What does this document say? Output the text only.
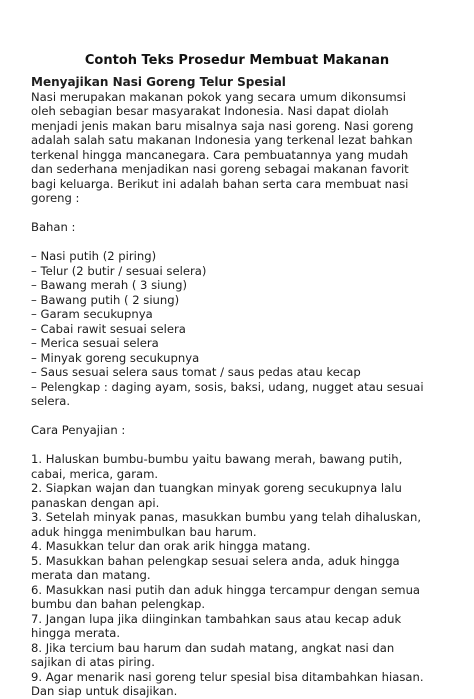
Contoh Teks Prosedur Membuat Makanan

Menyajikan Nasi Goreng Telur Spesial

Nasi merupakan makanan pokok yang secara umum dikonsumsi

oleh sebagian besar masyarakat Indonesia. Nasi dapat diolah

menjadi jenis makan baru misalnya saja nasi goreng. Nasi goreng

adalah salah satu makanan Indonesia yang terkenal lezat bahkan

terkenal hingga mancanegara. Cara pembuatannya yang mudah

dan sederhana menjadikan nasi goreng sebagai makanan favorit

bagi keluarga. Berikut ini adalah bahan serta cara membuat nasi

goreng :

Bahan :

– Nasi putih (2 piring)

– Telur (2 butir / sesuai selera)

– Bawang merah ( 3 siung)

– Bawang putih ( 2 siung)

– Garam secukupnya

– Cabai rawit sesuai selera

– Merica sesuai selera

– Minyak goreng secukupnya

– Saus sesuai selera saus tomat / saus pedas atau kecap

– Pelengkap : daging ayam, sosis, baksi, udang, nugget atau sesuai

selera.

Cara Penyajian :

1. Haluskan bumbu-bumbu yaitu bawang merah, bawang putih,

cabai, merica, garam.

2. Siapkan wajan dan tuangkan minyak goreng secukupnya lalu

panaskan dengan api.

3. Setelah minyak panas, masukkan bumbu yang telah dihaluskan,

aduk hingga menimbulkan bau harum.

4. Masukkan telur dan orak arik hingga matang.

5. Masukkan bahan pelengkap sesuai selera anda, aduk hingga

merata dan matang.

6. Masukkan nasi putih dan aduk hingga tercampur dengan semua

bumbu dan bahan pelengkap.

7. Jangan lupa jika diinginkan tambahkan saus atau kecap aduk

hingga merata.

8. Jika tercium bau harum dan sudah matang, angkat nasi dan

sajikan di atas piring.

9. Agar menarik nasi goreng telur spesial bisa ditambahkan hiasan.

Dan siap untuk disajikan.
